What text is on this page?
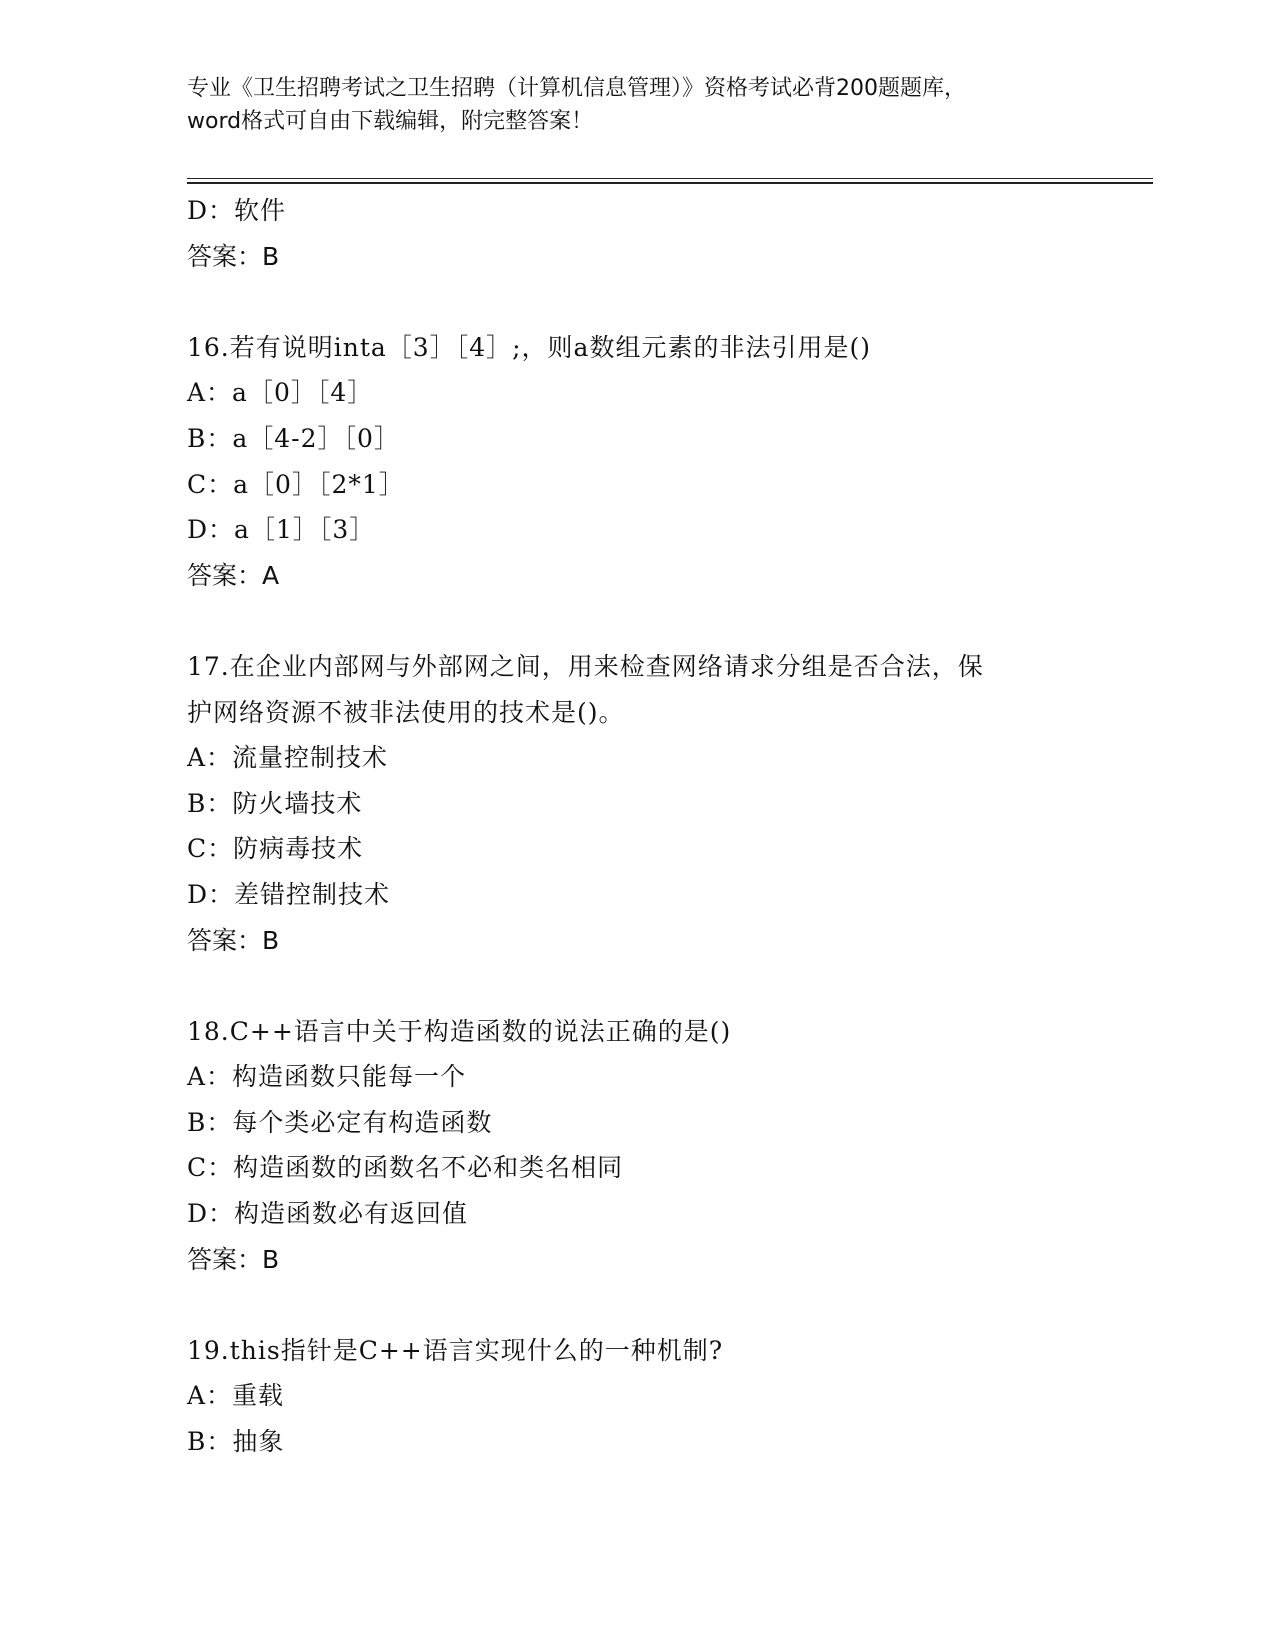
专业《卫生招聘考试之卫生招聘（计算机信息管理）》资格考试必背200题题库，
word格式可自由下载编辑，附完整答案！
D：软件
答案：B
16.若有说明inta［3］［4］;，则a数组元素的非法引用是()
A：a［0］［4］
B：a［4-2］［0］
C：a［0］［2*1］
D：a［1］［3］
答案：A
17.在企业内部网与外部网之间，用来检查网络请求分组是否合法，保
护网络资源不被非法使用的技术是()。
A：流量控制技术
B：防火墙技术
C：防病毒技术
D：差错控制技术
答案：B
18.C++语言中关于构造函数的说法正确的是()
A：构造函数只能每一个
B：每个类必定有构造函数
C：构造函数的函数名不必和类名相同
D：构造函数必有返回值
答案：B
19.this指针是C++语言实现什么的一种机制?
A：重载
B：抽象
